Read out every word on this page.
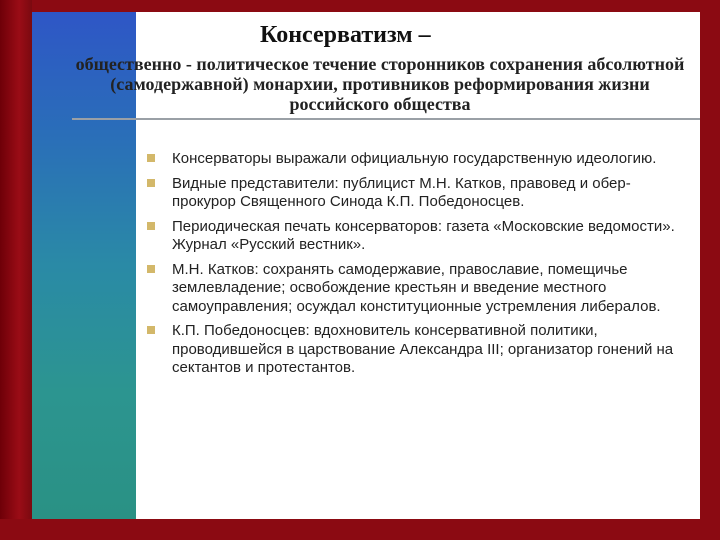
Консерватизм –
общественно - политическое течение сторонников сохранения абсолютной (самодержавной) монархии, противников реформирования жизни российского общества
Консерваторы выражали официальную государственную идеологию.
Видные представители: публицист М.Н. Катков, правовед и обер-прокурор Священного Синода К.П. Победоносцев.
Периодическая печать консерваторов: газета «Московские ведомости». Журнал «Русский вестник».
М.Н. Катков: сохранять самодержавие, православие, помещичье землевладение; освобождение крестьян и введение местного самоуправления; осуждал конституционные устремления либералов.
К.П. Победоносцев: вдохновитель консервативной политики, проводившейся в царствование Александра III; организатор гонений на сектантов и протестантов.
